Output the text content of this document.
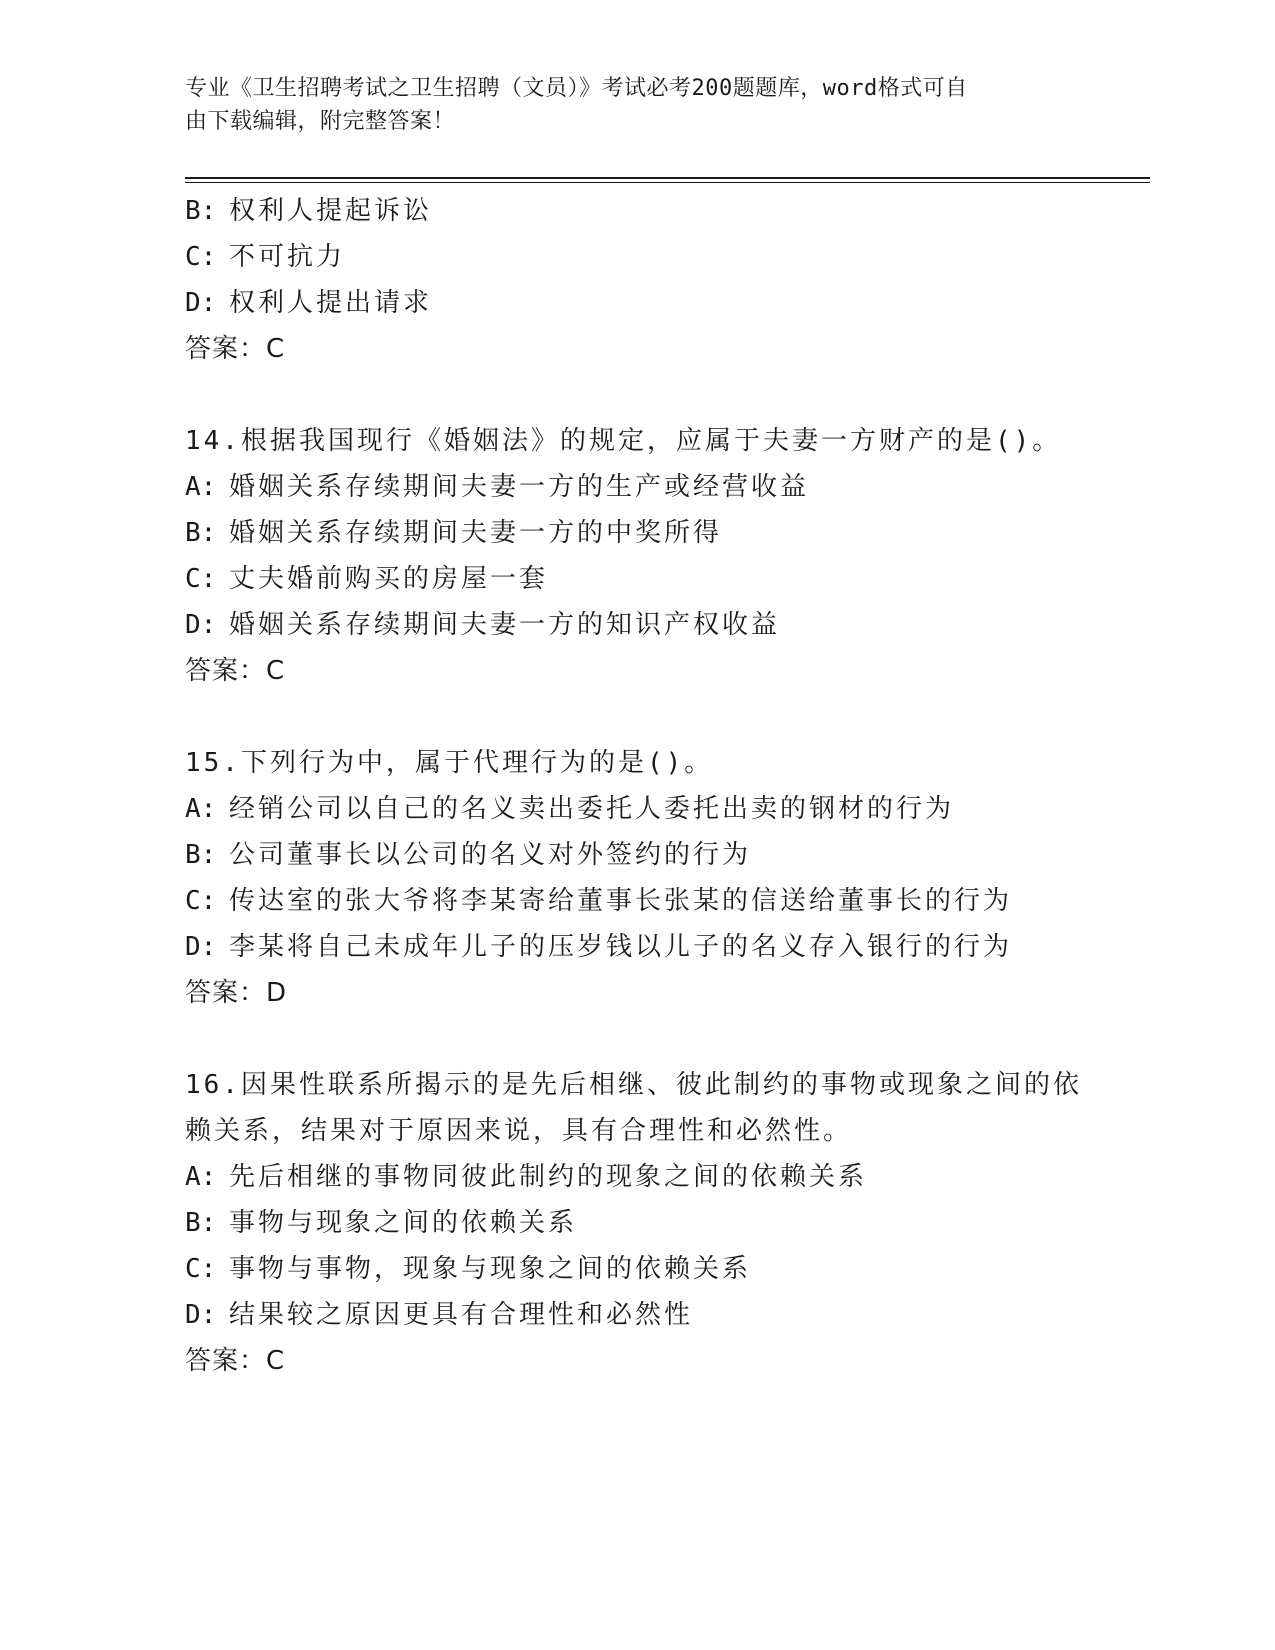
专业《卫生招聘考试之卫生招聘（文员）》考试必考200题题库，word格式可自
由下载编辑，附完整答案！
B: 权利人提起诉讼
C: 不可抗力
D: 权利人提出请求
答案：C
14.根据我国现行《婚姻法》的规定，应属于夫妻一方财产的是()。
A: 婚姻关系存续期间夫妻一方的生产或经营收益
B: 婚姻关系存续期间夫妻一方的中奖所得
C: 丈夫婚前购买的房屋一套
D: 婚姻关系存续期间夫妻一方的知识产权收益
答案：C
15.下列行为中，属于代理行为的是()。
A: 经销公司以自己的名义卖出委托人委托出卖的钢材的行为
B: 公司董事长以公司的名义对外签约的行为
C: 传达室的张大爷将李某寄给董事长张某的信送给董事长的行为
D: 李某将自己未成年儿子的压岁钱以儿子的名义存入银行的行为
答案：D
16.因果性联系所揭示的是先后相继、彼此制约的事物或现象之间的依
赖关系，结果对于原因来说，具有合理性和必然性。
A: 先后相继的事物同彼此制约的现象之间的依赖关系
B: 事物与现象之间的依赖关系
C: 事物与事物，现象与现象之间的依赖关系
D: 结果较之原因更具有合理性和必然性
答案：C
